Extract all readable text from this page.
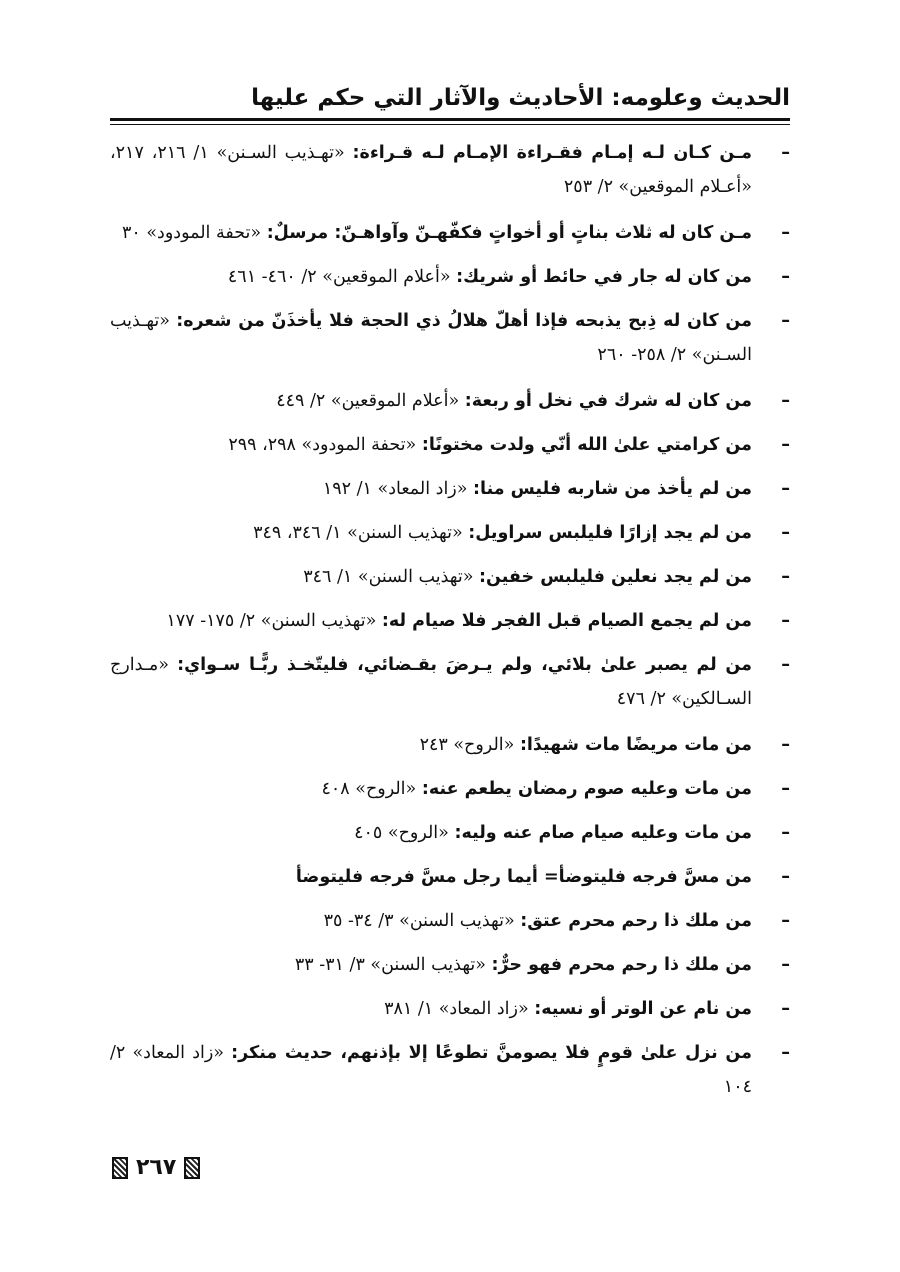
الحديث وعلومه: الأحاديث والآثار التي حكم عليها
–
مـن كـان لـه إمـام فقـراءة الإمـام لـه قـراءة: «تهـذيب السـنن» ١/ ٢١٦، ٢١٧، «أعـلام الموقعين» ٢/ ٢٥٣
–
مـن كان له ثلاث بناتٍ أو أخواتٍ فكفّهـنّ وآواهـنّ: مرسلٌ: «تحفة المودود» ٣٠
–
من كان له جار في حائط أو شريك: «أعلام الموقعين» ٢/ ٤٦٠- ٤٦١
–
من كان له ذِبح يذبحه فإذا أهلّ هلالُ ذي الحجة فلا يأخذَنّ من شعره: «تهـذيب السـنن» ٢/ ٢٥٨- ٢٦٠
–
من كان له شرك في نخل أو ربعة: «أعلام الموقعين» ٢/ ٤٤٩
–
من كرامتي علىٰ الله أنّي ولدت مختونًا: «تحفة المودود» ٢٩٨، ٢٩٩
–
من لم يأخذ من شاربه فليس منا: «زاد المعاد» ١/ ١٩٢
–
من لم يجد إزارًا فليلبس سراويل: «تهذيب السنن» ١/ ٣٤٦، ٣٤٩
–
من لم يجد نعلين فليلبس خفين: «تهذيب السنن» ١/ ٣٤٦
–
من لم يجمع الصيام قبل الفجر فلا صيام له: «تهذيب السنن» ٢/ ١٧٥- ١٧٧
–
من لم يصبر علىٰ بلائي، ولم يـرضَ بقـضائي، فليتّخـذ ربًّـا سـواي: «مـدارج السـالكين» ٢/ ٤٧٦
–
من مات مريضًا مات شهيدًا: «الروح» ٢٤٣
–
من مات وعليه صوم رمضان يطعم عنه: «الروح» ٤٠٨
–
من مات وعليه صيام صام عنه وليه: «الروح» ٤٠٥
–
من مسَّ فرجه فليتوضأ= أيما رجل مسَّ فرجه فليتوضأ
–
من ملك ذا رحم محرم عتق: «تهذيب السنن» ٣/ ٣٤- ٣٥
–
من ملك ذا رحم محرم فهو حرٌّ: «تهذيب السنن» ٣/ ٣١- ٣٣
–
من نام عن الوتر أو نسيه: «زاد المعاد» ١/ ٣٨١
–
من نزل علىٰ قومٍ فلا يصومنَّ تطوعًا إلا بإذنهم، حديث منكر: «زاد المعاد» ٢/ ١٠٤
٢٦٧
